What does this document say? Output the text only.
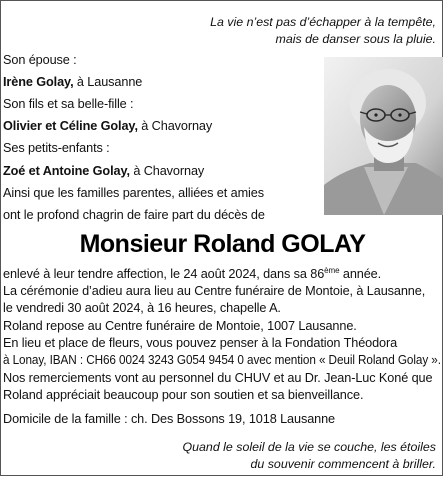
La vie n’est pas d’échapper à la tempête,
mais de danser sous la pluie.
Son épouse :
Irène Golay, à Lausanne
Son fils et sa belle-fille :
Olivier et Céline Golay, à Chavornay
Ses petits-enfants :
Zoé et Antoine Golay, à Chavornay
Ainsi que les familles parentes, alliées et amies
ont le profond chagrin de faire part du décès de
Monsieur Roland GOLAY
enlevé à leur tendre affection, le 24 août 2024, dans sa 86ème année.
La cérémonie d’adieu aura lieu au Centre funéraire de Montoie, à Lausanne,
le vendredi 30 août 2024, à 16 heures, chapelle A.
Roland repose au Centre funéraire de Montoie, 1007 Lausanne.
En lieu et place de fleurs, vous pouvez penser à la Fondation Théodora
à Lonay, IBAN : CH66 0024 3243 G054 9454 0 avec mention « Deuil Roland Golay ».
Nos remerciements vont au personnel du CHUV et au Dr. Jean-Luc Koné que
Roland appréciait beaucoup pour son soutien et sa bienveillance.
Domicile de la famille : ch. Des Bossons 19, 1018 Lausanne
Quand le soleil de la vie se couche, les étoiles
du souvenir commencent à briller.
